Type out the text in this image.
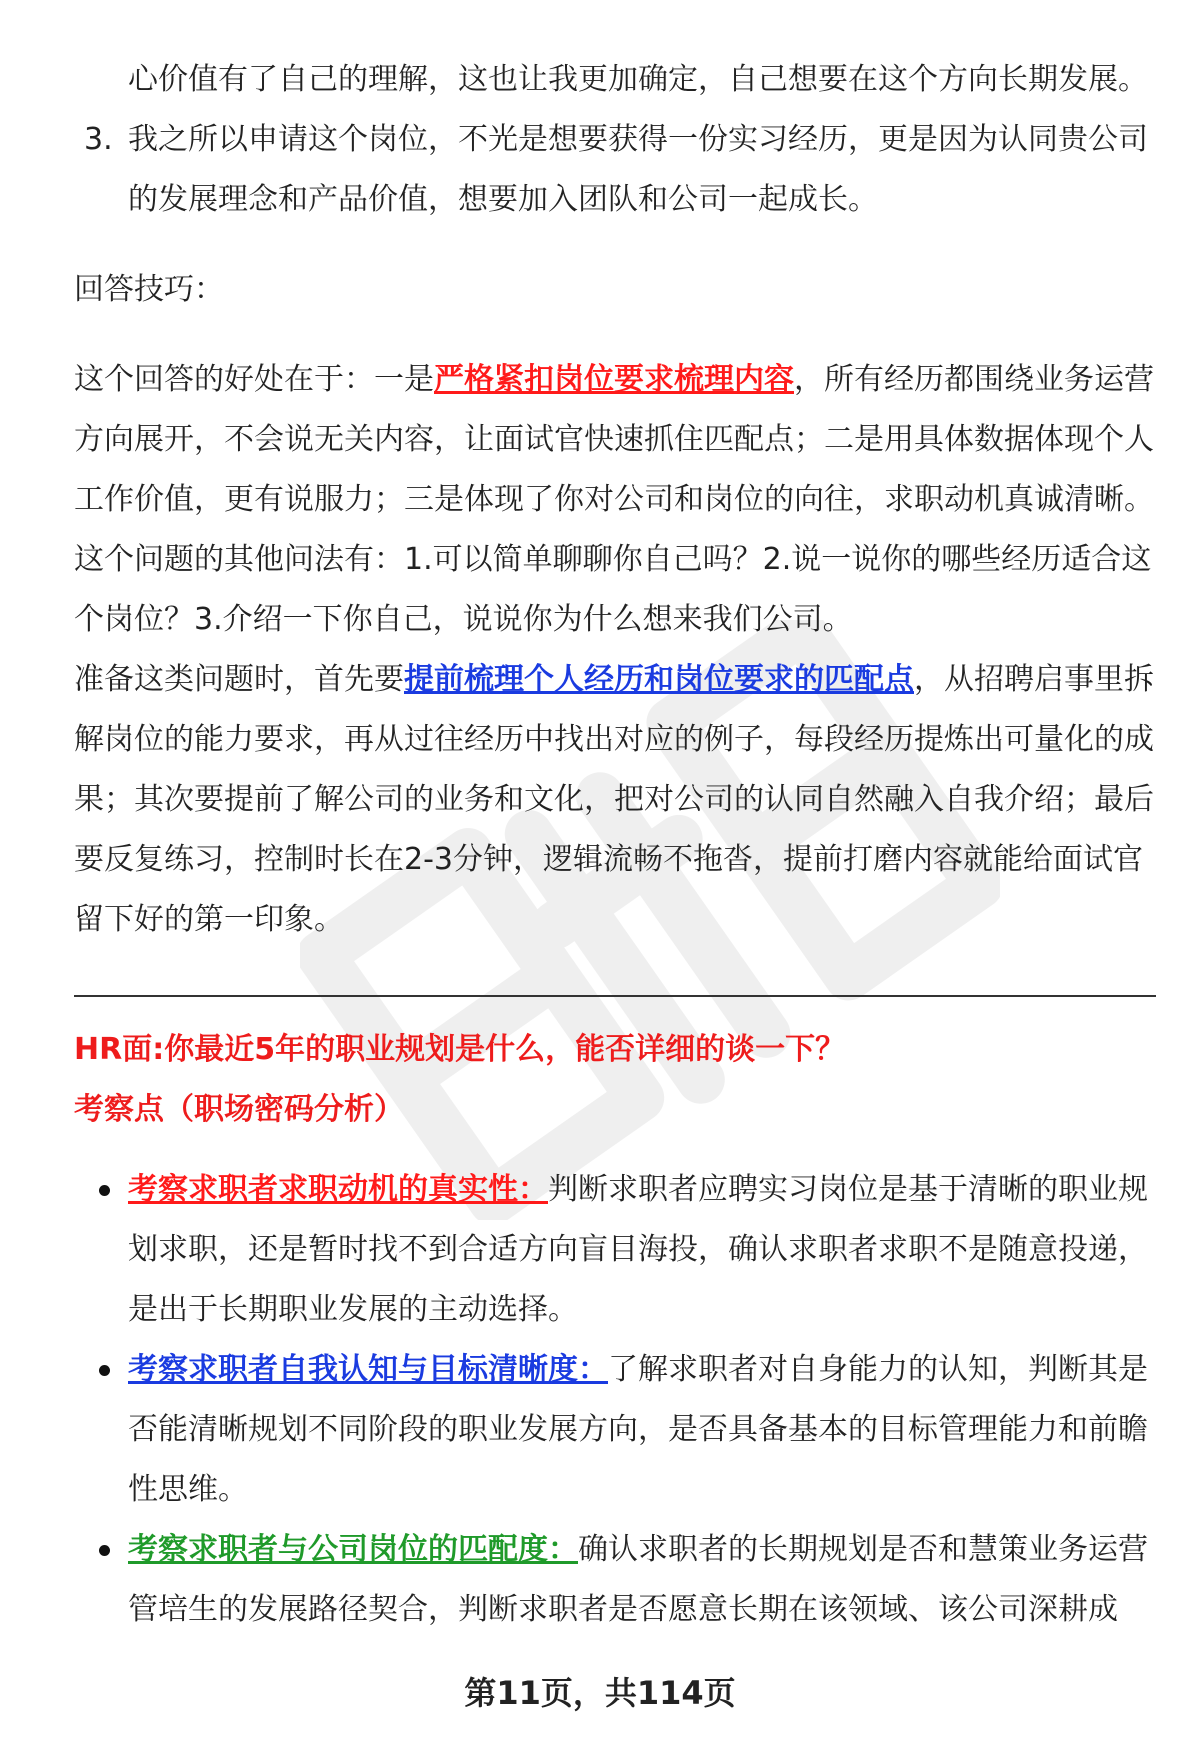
心价值有了自己的理解，这也让我更加确定，自己想要在这个方向长期发展。

3. 我之所以申请这个岗位，不光是想要获得一份实习经历，更是因为认同贵公司
的发展理念和产品价值，想要加入团队和公司一起成长。

回答技巧：

这个回答的好处在于：一是严格紧扣岗位要求梳理内容，所有经历都围绕业务运营方向展开，不会说无关内容，让面试官快速抓住匹配点；二是用具体数据体现个人工作价值，更有说服力；三是体现了你对公司和岗位的向往，求职动机真诚清晰。

这个问题的其他问法有：1.可以简单聊聊你自己吗？2.说一说你的哪些经历适合这个岗位？3.介绍一下你自己，说说你为什么想来我们公司。

准备这类问题时，首先要提前梳理个人经历和岗位要求的匹配点，从招聘启事里拆解岗位的能力要求，再从过往经历中找出对应的例子，每段经历提炼出可量化的成果；其次要提前了解公司的业务和文化，把对公司的认同自然融入自我介绍；最后要反复练习，控制时长在2-3分钟，逻辑流畅不拖沓，提前打磨内容就能给面试官留下好的第一印象。

HR面:你最近5年的职业规划是什么，能否详细的谈一下？

考察点（职场密码分析）

考察求职者求职动机的真实性：判断求职者应聘实习岗位是基于清晰的职业规划求职，还是暂时找不到合适方向盲目海投，确认求职者求职不是随意投递，是出于长期职业发展的主动选择。
考察求职者自我认知与目标清晰度：了解求职者对自身能力的认知，判断其是否能清晰规划不同阶段的职业发展方向，是否具备基本的目标管理能力和前瞻性思维。
考察求职者与公司岗位的匹配度：确认求职者的长期规划是否和慧策业务运营管培生的发展路径契合，判断求职者是否愿意长期在该领域、该公司深耕成
第11页，共114页
